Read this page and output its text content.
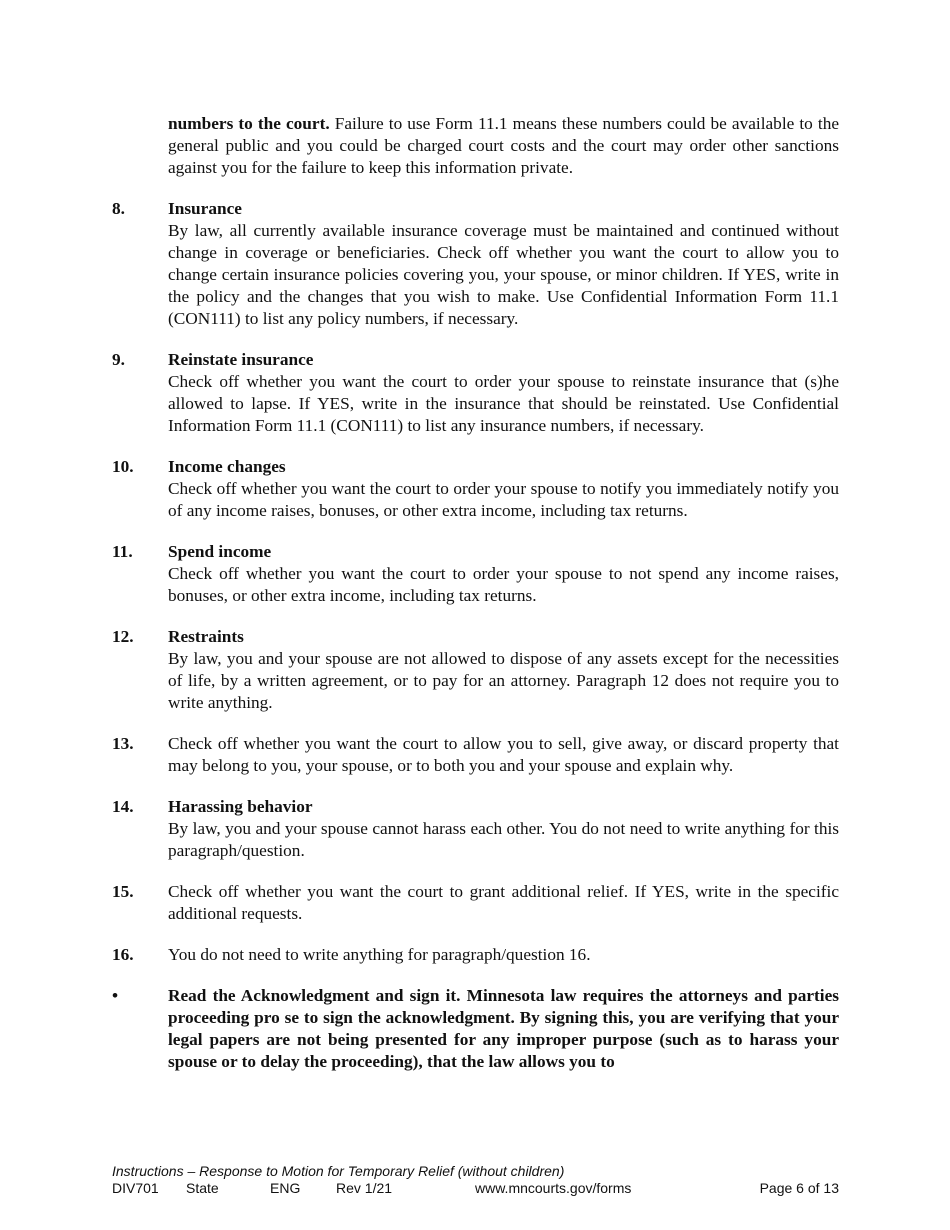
numbers to the court. Failure to use Form 11.1 means these numbers could be available to the general public and you could be charged court costs and the court may order other sanctions against you for the failure to keep this information private.
8. Insurance
By law, all currently available insurance coverage must be maintained and continued without change in coverage or beneficiaries. Check off whether you want the court to allow you to change certain insurance policies covering you, your spouse, or minor children. If YES, write in the policy and the changes that you wish to make. Use Confidential Information Form 11.1 (CON111) to list any policy numbers, if necessary.
9. Reinstate insurance
Check off whether you want the court to order your spouse to reinstate insurance that (s)he allowed to lapse. If YES, write in the insurance that should be reinstated. Use Confidential Information Form 11.1 (CON111) to list any insurance numbers, if necessary.
10. Income changes
Check off whether you want the court to order your spouse to notify you immediately notify you of any income raises, bonuses, or other extra income, including tax returns.
11. Spend income
Check off whether you want the court to order your spouse to not spend any income raises, bonuses, or other extra income, including tax returns.
12. Restraints
By law, you and your spouse are not allowed to dispose of any assets except for the necessities of life, by a written agreement, or to pay for an attorney. Paragraph 12 does not require you to write anything.
13. Check off whether you want the court to allow you to sell, give away, or discard property that may belong to you, your spouse, or to both you and your spouse and explain why.
14. Harassing behavior
By law, you and your spouse cannot harass each other. You do not need to write anything for this paragraph/question.
15. Check off whether you want the court to grant additional relief. If YES, write in the specific additional requests.
16. You do not need to write anything for paragraph/question 16.
•	Read the Acknowledgment and sign it. Minnesota law requires the attorneys and parties proceeding pro se to sign the acknowledgment. By signing this, you are verifying that your legal papers are not being presented for any improper purpose (such as to harass your spouse or to delay the proceeding), that the law allows you to
Instructions – Response to Motion for Temporary Relief (without children)
DIV701 State	ENG	Rev 1/21	www.mncourts.gov/forms	Page 6 of 13
